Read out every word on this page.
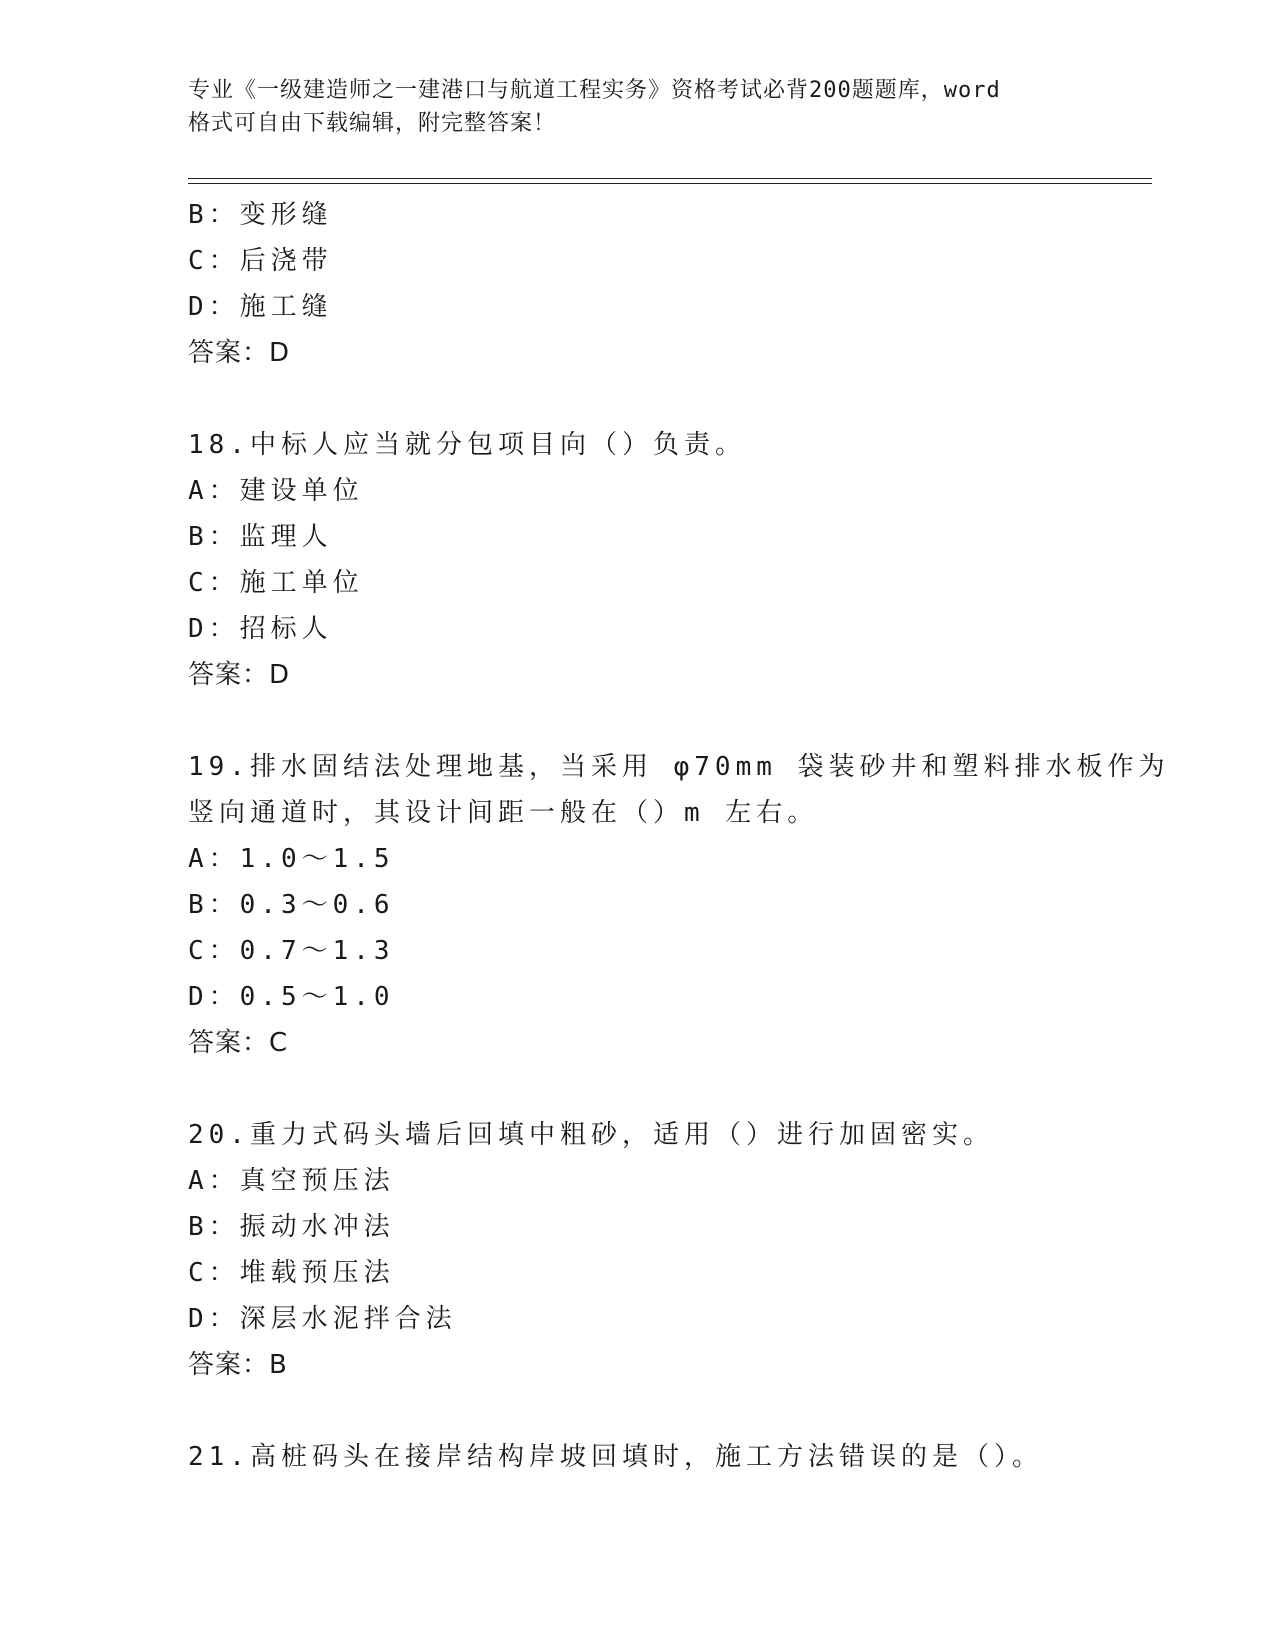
专业《一级建造师之一建港口与航道工程实务》资格考试必背200题题库，word
格式可自由下载编辑，附完整答案！
B：变形缝
C：后浇带
D：施工缝
答案：D
18.中标人应当就分包项目向（）负责。
A：建设单位
B：监理人
C：施工单位
D：招标人
答案：D
19.排水固结法处理地基，当采用 φ70mm 袋装砂井和塑料排水板作为
竖向通道时，其设计间距一般在（）m 左右。
A：1.0～1.5
B：0.3～0.6
C：0.7～1.3
D：0.5～1.0
答案：C
20.重力式码头墙后回填中粗砂，适用（）进行加固密实。
A：真空预压法
B：振动水冲法
C：堆载预压法
D：深层水泥拌合法
答案：B
21.高桩码头在接岸结构岸坡回填时，施工方法错误的是（）。
